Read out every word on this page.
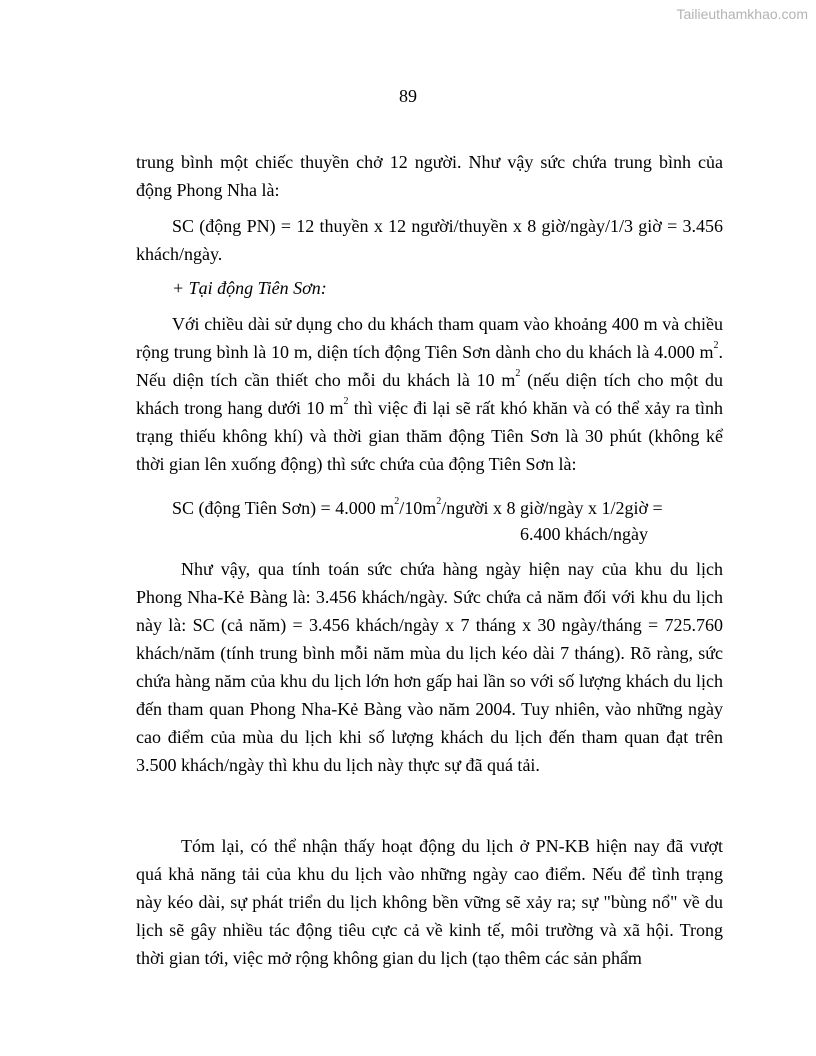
Tailieuthamkhao.com
89

trung bình một chiếc thuyền chở 12 người. Như vậy sức chứa trung bình của động Phong Nha là:

SC (động PN) = 12 thuyền x 12 người/thuyền x 8 giờ/ngày/1/3 giờ = 3.456 khách/ngày.

+ Tại động Tiên Sơn:

Với chiều dài sử dụng cho du khách tham quam vào khoảng 400 m và chiều rộng trung bình là 10 m, diện tích động Tiên Sơn dành cho du khách là 4.000 $m^2$. Nếu diện tích cần thiết cho mỗi du khách là 10 $m^2$ (nếu diện tích cho một du khách trong hang dưới 10 $m^2$ thì việc đi lại sẽ rất khó khăn và có thể xảy ra tình trạng thiếu không khí) và thời gian thăm động Tiên Sơn là 30 phút (không kể thời gian lên xuống động) thì sức chứa của động Tiên Sơn là:

SC (động Tiên Sơn) = 4.000 $m^2/10m^2$/người x 8 giờ/ngày x 1/2giờ =

6.400 khách/ngày

Như vậy, qua tính toán sức chứa hàng ngày hiện nay của khu du lịch Phong Nha-Kẻ Bàng là: 3.456 khách/ngày. Sức chứa cả năm đối với khu du lịch này là: SC (cả năm) = 3.456 khách/ngày x 7 tháng x 30 ngày/tháng = 725.760 khách/năm (tính trung bình mỗi năm mùa du lịch kéo dài 7 tháng). Rõ ràng, sức chứa hàng năm của khu du lịch lớn hơn gấp hai lần so với số lượng khách du lịch đến tham quan Phong Nha-Kẻ Bàng vào năm 2004. Tuy nhiên, vào những ngày cao điểm của mùa du lịch khi số lượng khách du lịch đến tham quan đạt trên 3.500 khách/ngày thì khu du lịch này thực sự đã quá tải.

Tóm lại, có thể nhận thấy hoạt động du lịch ở PN-KB hiện nay đã vượt quá khả năng tải của khu du lịch vào những ngày cao điểm. Nếu để tình trạng này kéo dài, sự phát triển du lịch không bền vững sẽ xảy ra; sự "bùng nổ" về du lịch sẽ gây nhiều tác động tiêu cực cả về kinh tế, môi trường và xã hội. Trong thời gian tới, việc mở rộng không gian du lịch (tạo thêm các sản phẩm
